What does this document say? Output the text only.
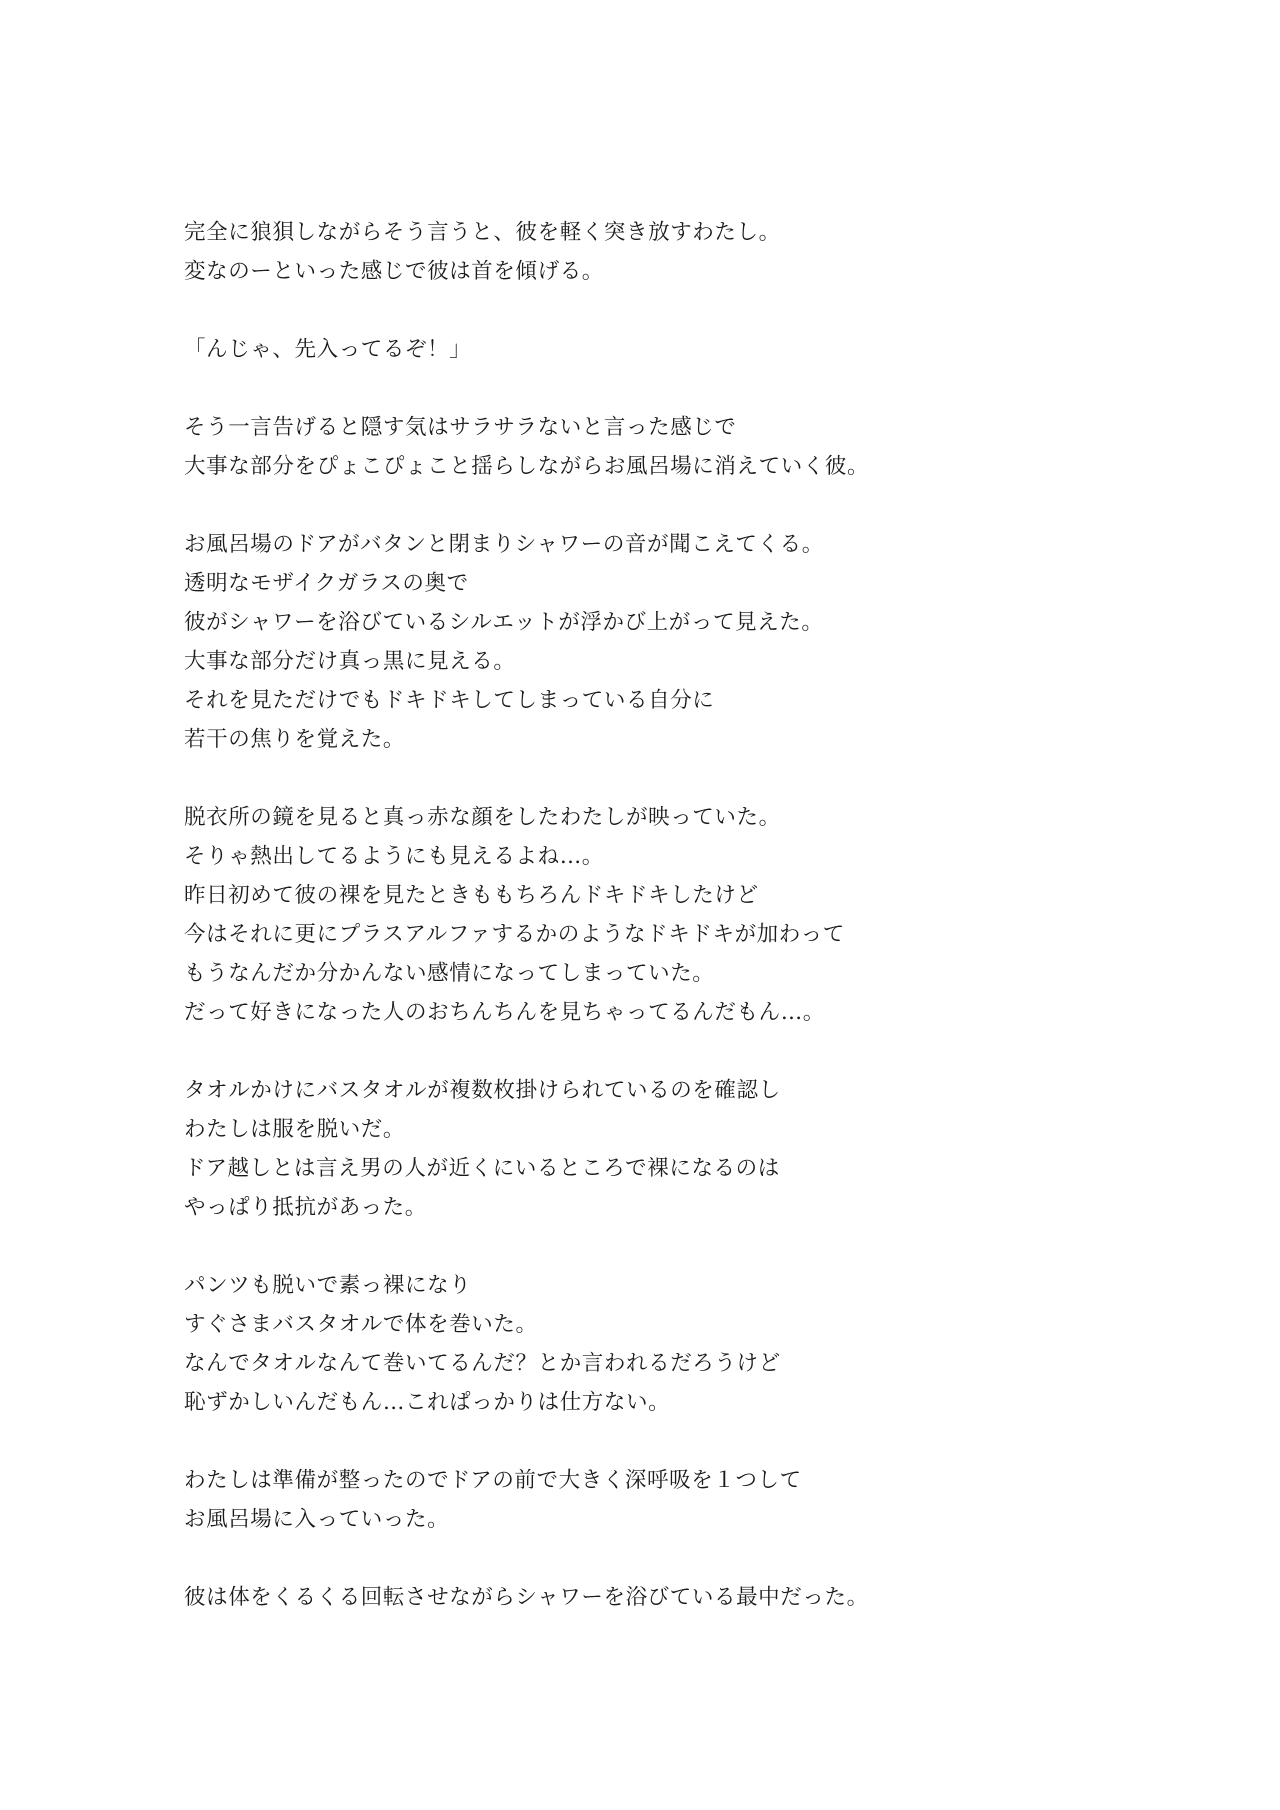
完全に狼狽しながらそう言うと、彼を軽く突き放すわたし。
変なのーといった感じで彼は首を傾げる。
「んじゃ、先入ってるぞ！」
そう一言告げると隠す気はサラサラないと言った感じで
大事な部分をぴょこぴょこと揺らしながらお風呂場に消えていく彼。
お風呂場のドアがバタンと閉まりシャワーの音が聞こえてくる。
透明なモザイクガラスの奥で
彼がシャワーを浴びているシルエットが浮かび上がって見えた。
大事な部分だけ真っ黒に見える。
それを見ただけでもドキドキしてしまっている自分に
若干の焦りを覚えた。
脱衣所の鏡を見ると真っ赤な顔をしたわたしが映っていた。
そりゃ熱出してるようにも見えるよね…。
昨日初めて彼の裸を見たときももちろんドキドキしたけど
今はそれに更にプラスアルファするかのようなドキドキが加わって
もうなんだか分かんない感情になってしまっていた。
だって好きになった人のおちんちんを見ちゃってるんだもん…。
タオルかけにバスタオルが複数枚掛けられているのを確認し
わたしは服を脱いだ。
ドア越しとは言え男の人が近くにいるところで裸になるのは
やっぱり抵抗があった。
パンツも脱いで素っ裸になり
すぐさまバスタオルで体を巻いた。
なんでタオルなんて巻いてるんだ？とか言われるだろうけど
恥ずかしいんだもん…これぱっかりは仕方ない。
わたしは準備が整ったのでドアの前で大きく深呼吸を１つして
お風呂場に入っていった。
彼は体をくるくる回転させながらシャワーを浴びている最中だった。
